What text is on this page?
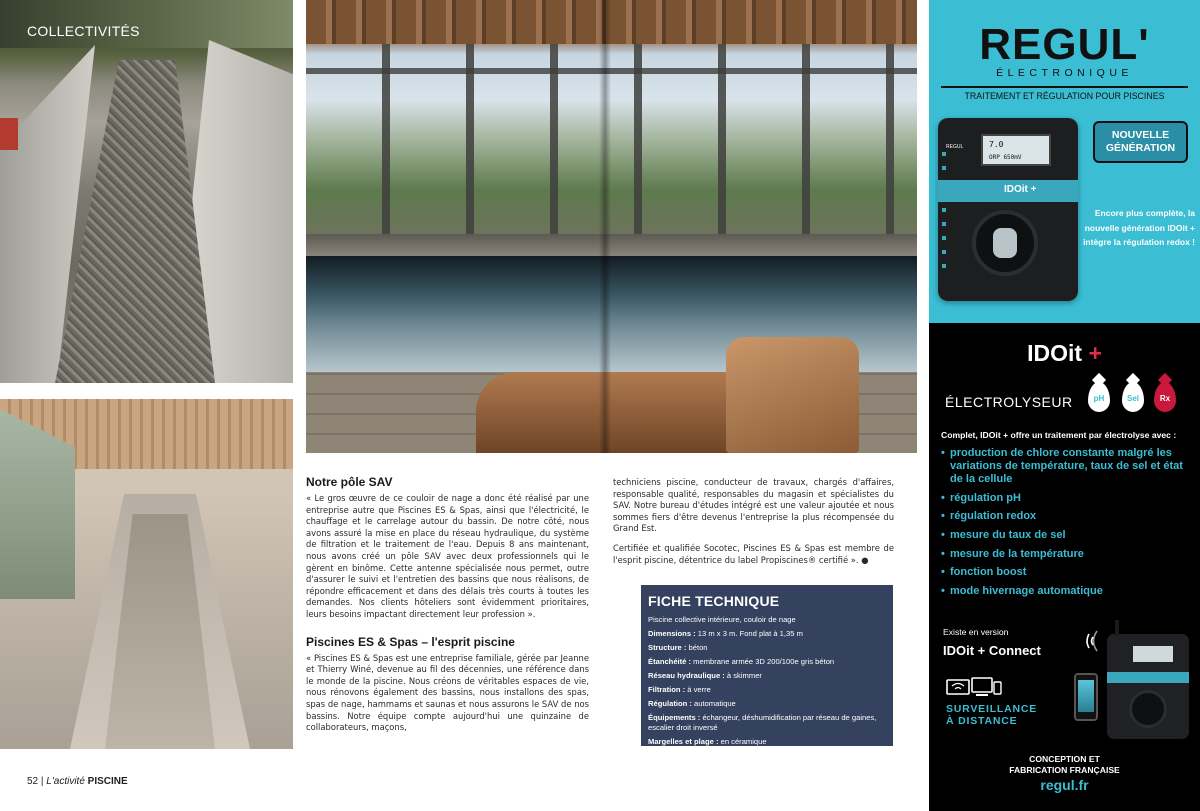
COLLECTIVITÉS
52 | L'activité PISCINE
Notre pôle SAV

« Le gros œuvre de ce couloir de nage a donc été réalisé par une entreprise autre que Piscines ES & Spas, ainsi que l'électricité, le chauffage et le carrelage autour du bassin. De notre côté, nous avons assuré la mise en place du réseau hydraulique, du système de filtration et le traitement de l'eau. Depuis 8 ans maintenant, nous avons créé un pôle SAV avec deux professionnels qui le gèrent en binôme. Cette antenne spécialisée nous permet, outre d'assurer le suivi et l'entretien des bassins que nous réalisons, de répondre efficacement et dans des délais très courts à toutes les demandes. Nos clients hôteliers sont évidemment prioritaires, leurs besoins impactant directement leur profession ».

Piscines ES & Spas – l'esprit piscine

« Piscines ES & Spas est une entreprise familiale, gérée par Jeanne et Thierry Winé, devenue au fil des décennies, une référence dans le monde de la piscine. Nous créons de véritables espaces de vie, nous rénovons également des bassins, nous installons des spas, spas de nage, hammams et saunas et nous assurons le SAV de nos bassins. Notre équipe compte aujourd'hui une quinzaine de collaborateurs, maçons,

techniciens piscine, conducteur de travaux, chargés d'affaires, responsable qualité, responsables du magasin et spécialistes du SAV. Notre bureau d'études intégré est une valeur ajoutée et nous sommes fiers d'être devenus l'entreprise la plus récompensée du Grand Est.

Certifiée et qualifiée Socotec, Piscines ES & Spas est membre de l'esprit piscine, détentrice du label Propiscines® certifié ». ●

FICHE TECHNIQUE
Piscine collective intérieure, couloir de nage
Dimensions : 13 m x 3 m. Fond plat à 1,35 m
Structure : béton
Étanchéité : membrane armée 3D 200/100e gris béton
Réseau hydraulique : à skimmer
Filtration : à verre
Régulation : automatique
Équipements : échangeur, déshumidification par réseau de gaines, escalier droit inversé
Margelles et plage : en céramique
REGUL'
ÉLECTRONIQUE
TRAITEMENT ET RÉGULATION POUR PISCINES
REGUL	7.0
ORP 650mV
IDOit +
NOUVELLE GÉNÉRATION
Encore plus complète, la nouvelle génération IDOit + intègre la régulation redox !
IDOit +
ÉLECTROLYSEUR	pH	Sel	Rx
Complet, IDOit + offre un traitement par électrolyse avec :
• production de chlore constante malgré les variations de température, taux de sel et état de la cellule
• régulation pH
• régulation redox
• mesure du taux de sel
• mesure de la température
• fonction boost
• mode hivernage automatique
Existe en version
IDOit + Connect
SURVEILLANCE
À DISTANCE
CONCEPTION ET
FABRICATION FRANÇAISE
regul.fr
